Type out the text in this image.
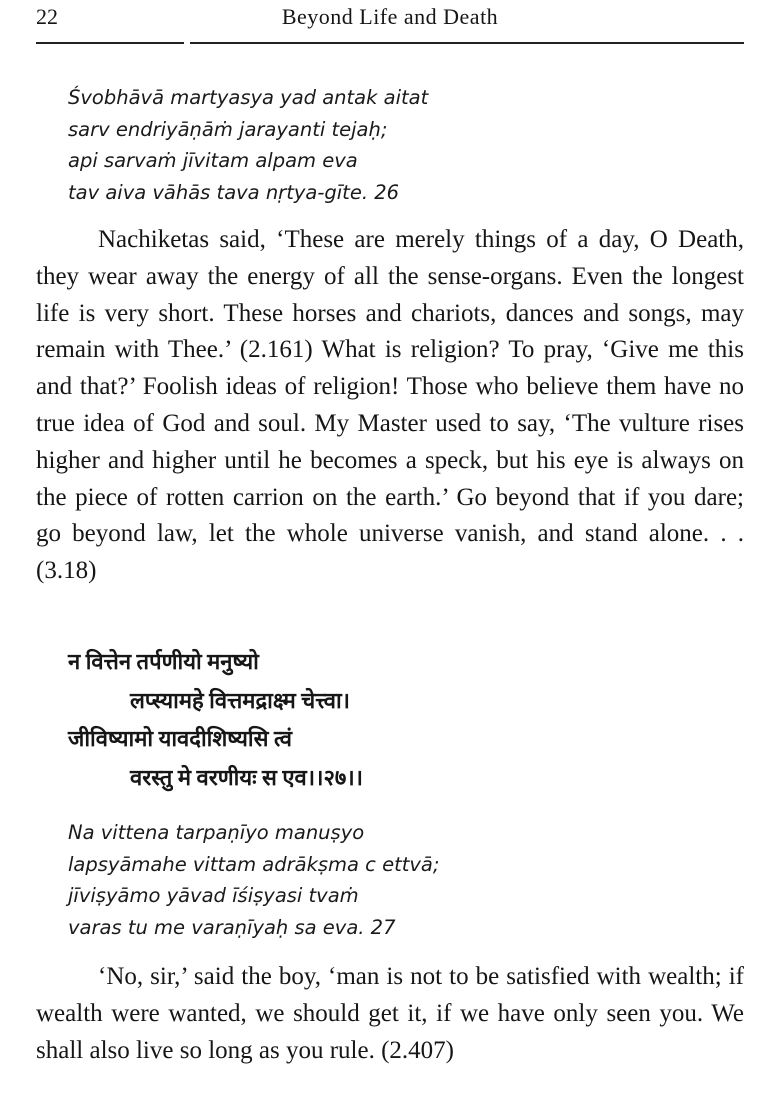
22	Beyond Life and Death
Śvobhāvā martyasya yad antak aitat
sarv endriyāṇāṁ jarayanti tejaḥ;
api sarvaṁ jīvitam alpam eva
tav aiva vāhās tava nṛtya-gīte. 26

Nachiketas said, ‘These are merely things of a day, O Death, they wear away the energy of all the sense-organs. Even the longest life is very short. These horses and chariots, dances and songs, may remain with Thee.’ (2.161) What is religion? To pray, ‘Give me this and that?’ Foolish ideas of religion! Those who believe them have no true idea of God and soul. My Master used to say, ‘The vulture rises higher and higher until he becomes a speck, but his eye is always on the piece of rotten carrion on the earth.’ Go beyond that if you dare; go beyond law, let the whole universe vanish, and stand alone. . . (3.18)

न वित्तेन तर्पणीयो मनुष्यो
लप्स्यामहे वित्तमद्राक्ष्म चेत्त्वा।
जीविष्यामो यावदीशिष्यसि त्वं
वरस्तु मे वरणीयः स एव।।२७।।
Na vittena tarpaṇīyo manuṣyo
lapsyāmahe vittam adrākṣma c ettvā;
jīviṣyāmo yāvad īśiṣyasi tvaṁ
varas tu me varaṇīyaḥ sa eva. 27

‘No, sir,’ said the boy, ‘man is not to be satisfied with wealth; if wealth were wanted, we should get it, if we have only seen you. We shall also live so long as you rule. (2.407)
